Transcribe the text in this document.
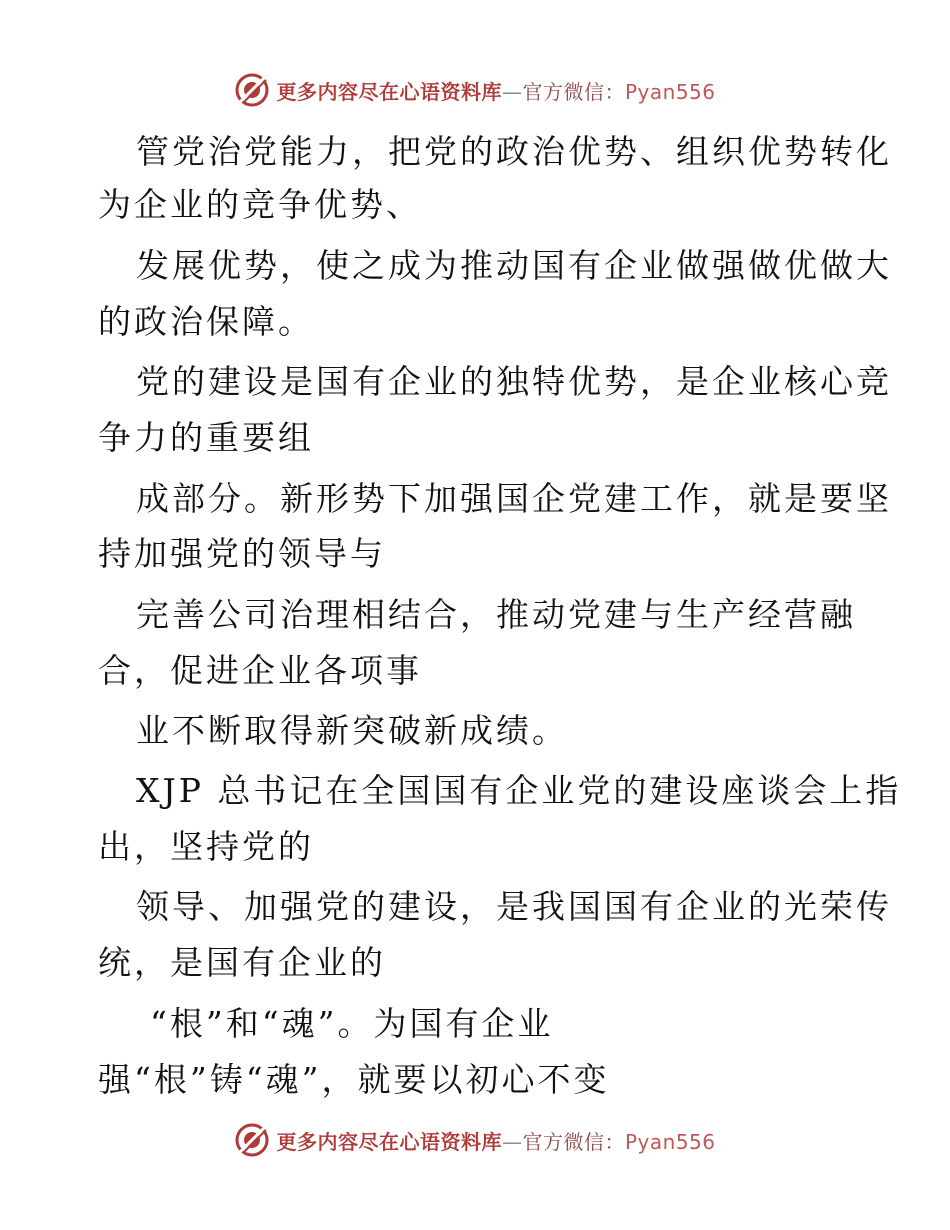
更多内容尽在心语资料库—官方微信：Pyan556
管党治党能力，把党的政治优势、组织优势转化
为企业的竞争优势、
发展优势，使之成为推动国有企业做强做优做大
的政治保障。
党的建设是国有企业的独特优势，是企业核心竞
争力的重要组
成部分。新形势下加强国企党建工作，就是要坚
持加强党的领导与
完善公司治理相结合，推动党建与生产经营融
合，促进企业各项事
业不断取得新突破新成绩。
XJP 总书记在全国国有企业党的建设座谈会上指
出，坚持党的
领导、加强党的建设，是我国国有企业的光荣传
统，是国有企业的
“根”和“魂”。为国有企业
强“根”铸“魂”，就要以初心不变
更多内容尽在心语资料库—官方微信：Pyan556
